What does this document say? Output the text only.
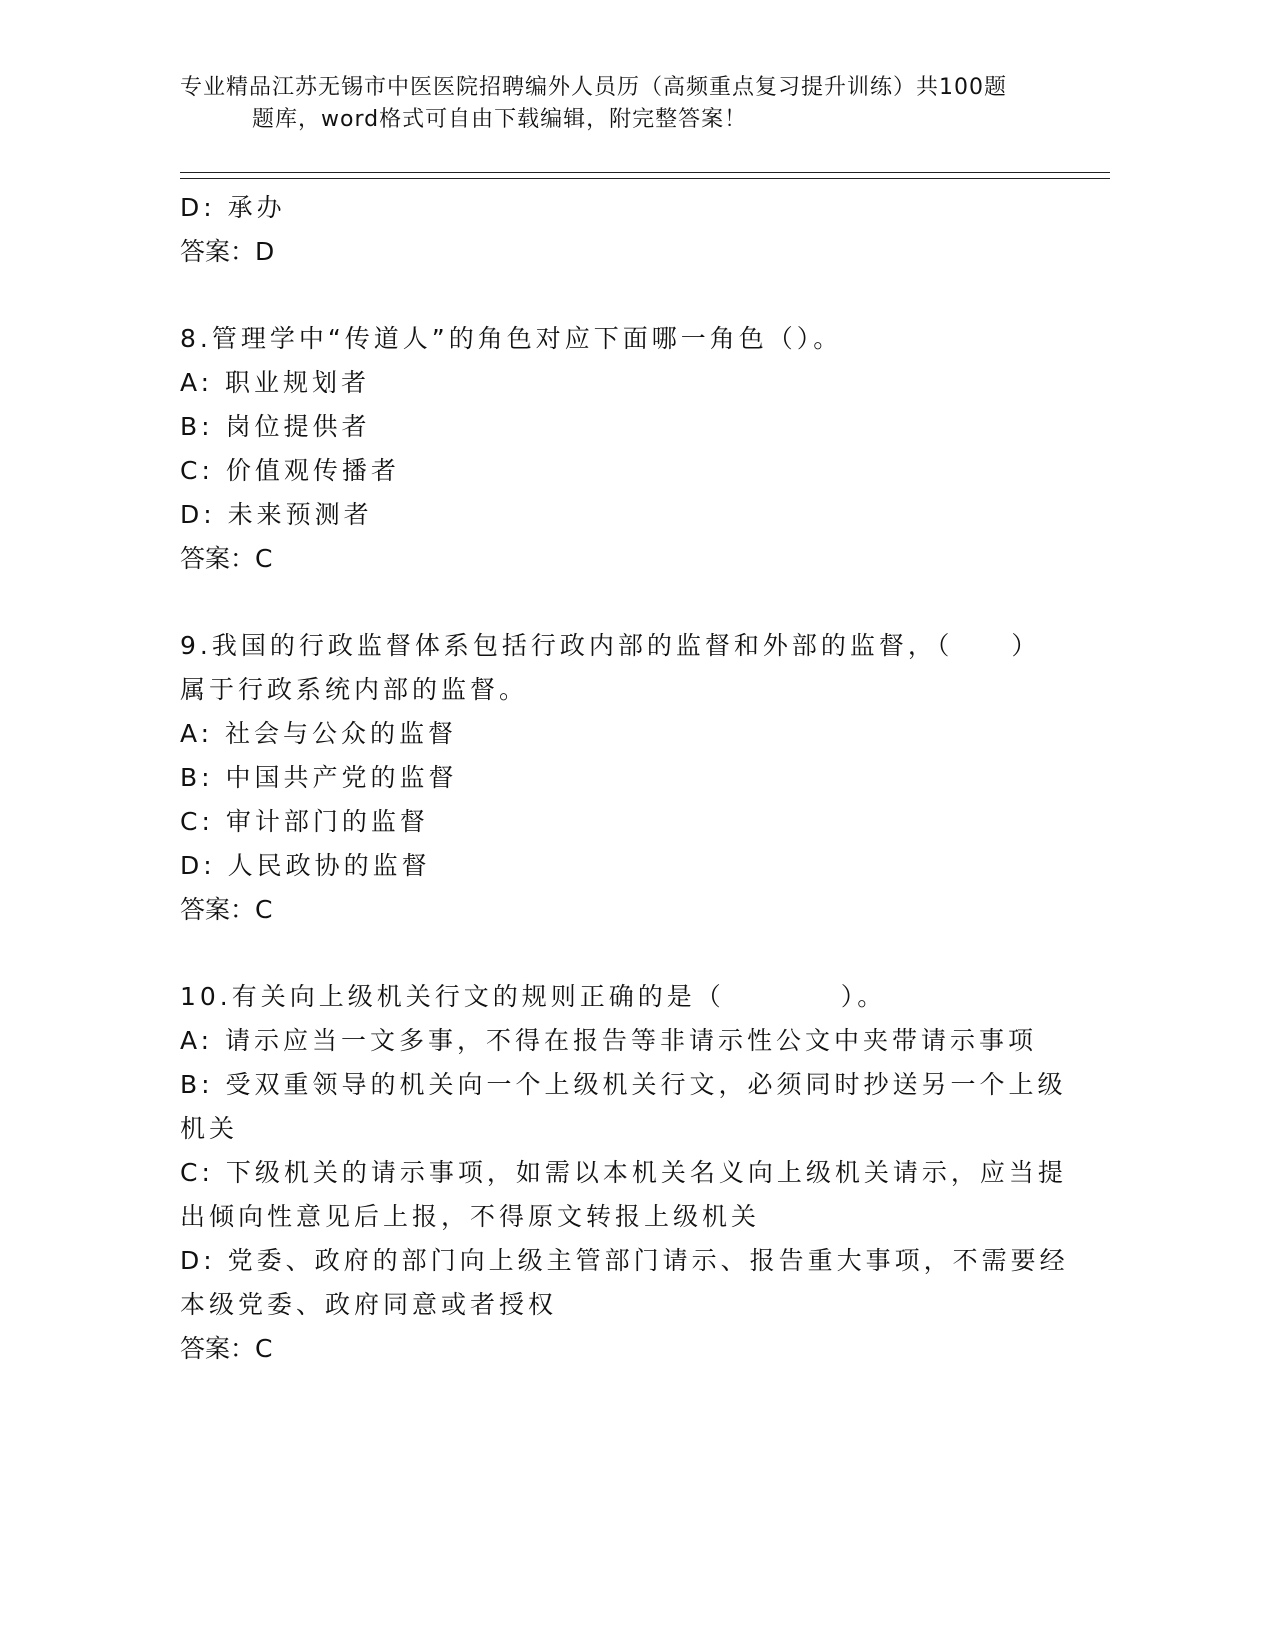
专业精品江苏无锡市中医医院招聘编外人员历（高频重点复习提升训练）共100题
题库，word格式可自由下载编辑，附完整答案！
D: 承办
答案：D
8.管理学中“传道人”的角色对应下面哪一角色（）。
A: 职业规划者
B: 岗位提供者
C: 价值观传播者
D: 未来预测者
答案：C
9.我国的行政监督体系包括行政内部的监督和外部的监督，（　　）
属于行政系统内部的监督。
A: 社会与公众的监督
B: 中国共产党的监督
C: 审计部门的监督
D: 人民政协的监督
答案：C
10.有关向上级机关行文的规则正确的是（　　　　）。
A: 请示应当一文多事，不得在报告等非请示性公文中夹带请示事项
B: 受双重领导的机关向一个上级机关行文，必须同时抄送另一个上级
机关
C: 下级机关的请示事项，如需以本机关名义向上级机关请示，应当提
出倾向性意见后上报，不得原文转报上级机关
D: 党委、政府的部门向上级主管部门请示、报告重大事项，不需要经
本级党委、政府同意或者授权
答案：C
